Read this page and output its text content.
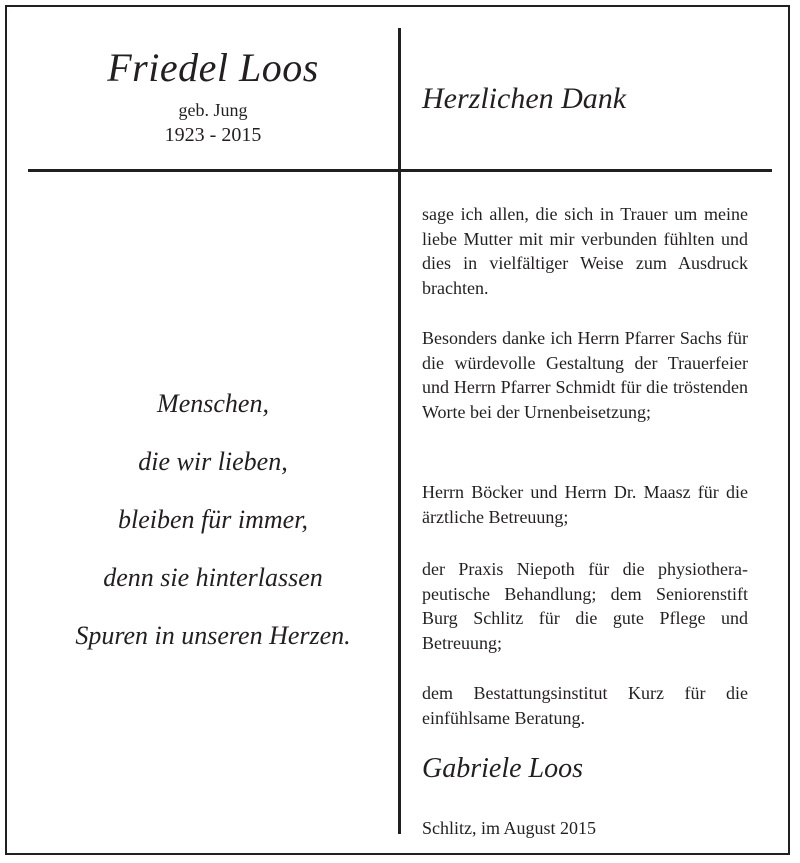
Friedel Loos
geb. Jung
1923 - 2015
Herzlichen Dank
Menschen,
die wir lieben,
bleiben für immer,
denn sie hinterlassen
Spuren in unseren Herzen.
sage ich allen, die sich in Trauer um meine liebe Mutter mit mir verbunden fühlten und dies in vielfältiger Weise zum Ausdruck brachten.
Besonders danke ich Herrn Pfarrer Sachs für die würdevolle Gestaltung der Trauerfeier und Herrn Pfarrer Schmidt für die tröstenden Worte bei der Urnenbeisetzung;
Herrn Böcker und Herrn Dr. Maasz für die ärztliche Betreuung;
der Praxis Niepoth für die physiotherapeutische Behandlung; dem Seniorenstift Burg Schlitz für die gute Pflege und Betreuung;
dem Bestattungsinstitut Kurz für die einfühlsame Beratung.
Gabriele Loos
Schlitz, im August 2015
